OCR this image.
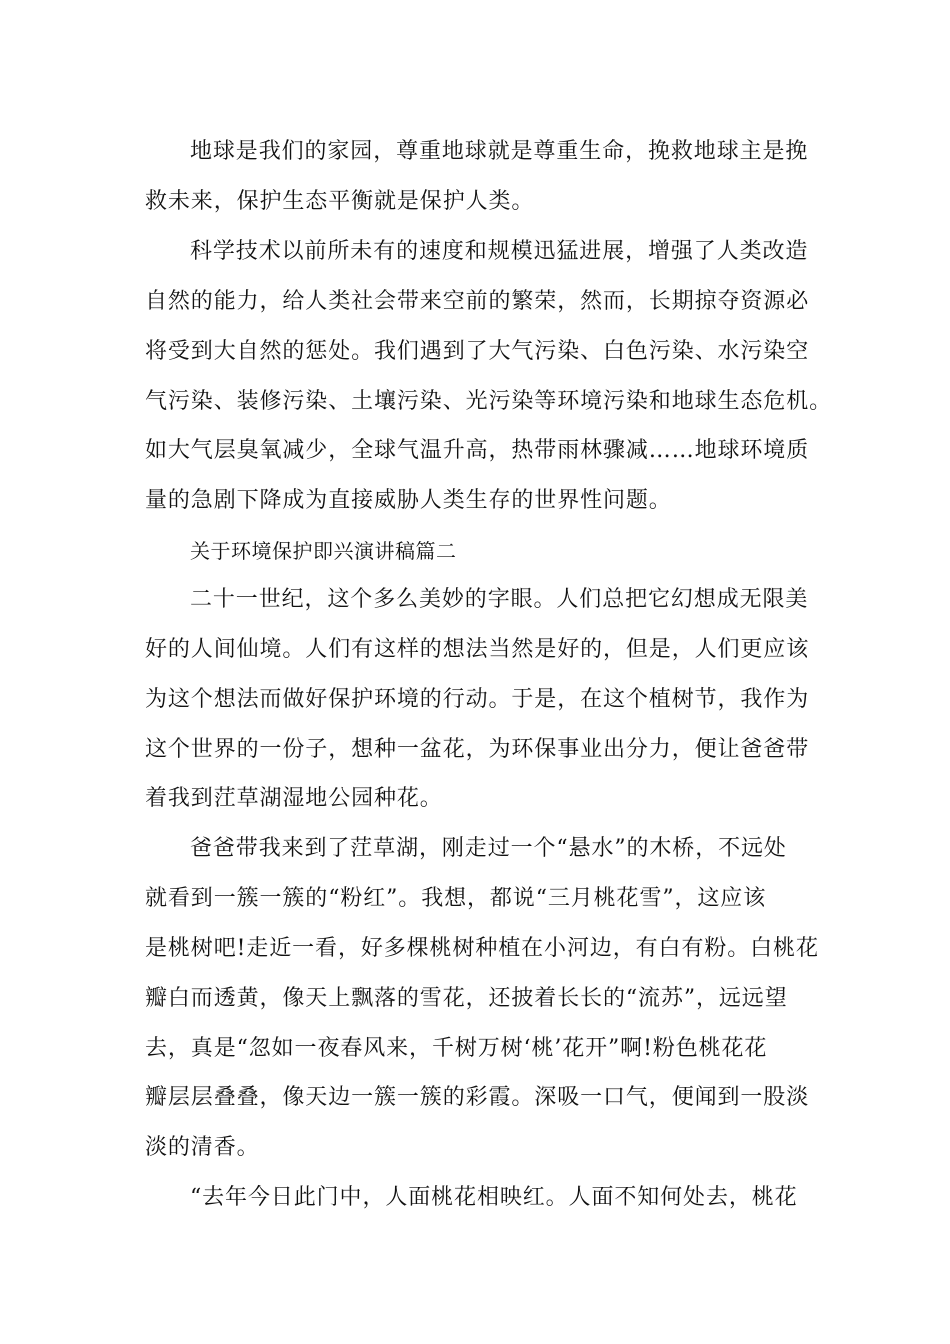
地球是我们的家园，尊重地球就是尊重生命，挽救地球主是挽
救未来，保护生态平衡就是保护人类。
科学技术以前所未有的速度和规模迅猛进展，增强了人类改造
自然的能力，给人类社会带来空前的繁荣，然而，长期掠夺资源必
将受到大自然的惩处。我们遇到了大气污染、白色污染、水污染空
气污染、装修污染、土壤污染、光污染等环境污染和地球生态危机。
如大气层臭氧减少，全球气温升高，热带雨林骤减……地球环境质
量的急剧下降成为直接威胁人类生存的世界性问题。
关于环境保护即兴演讲稿篇二
二十一世纪，这个多么美妙的字眼。人们总把它幻想成无限美
好的人间仙境。人们有这样的想法当然是好的，但是，人们更应该
为这个想法而做好保护环境的行动。于是，在这个植树节，我作为
这个世界的一份子，想种一盆花，为环保事业出分力，便让爸爸带
着我到茳草湖湿地公园种花。
爸爸带我来到了茳草湖，刚走过一个“悬水”的木桥，不远处
就看到一簇一簇的“粉红”。我想，都说“三月桃花雪”，这应该
是桃树吧!走近一看，好多棵桃树种植在小河边，有白有粉。白桃花
瓣白而透黄，像天上飘落的雪花，还披着长长的“流苏”，远远望
去，真是“忽如一夜春风来，千树万树‘桃’花开”啊!粉色桃花花
瓣层层叠叠，像天边一簇一簇的彩霞。深吸一口气，便闻到一股淡
淡的清香。
“去年今日此门中，人面桃花相映红。人面不知何处去，桃花
